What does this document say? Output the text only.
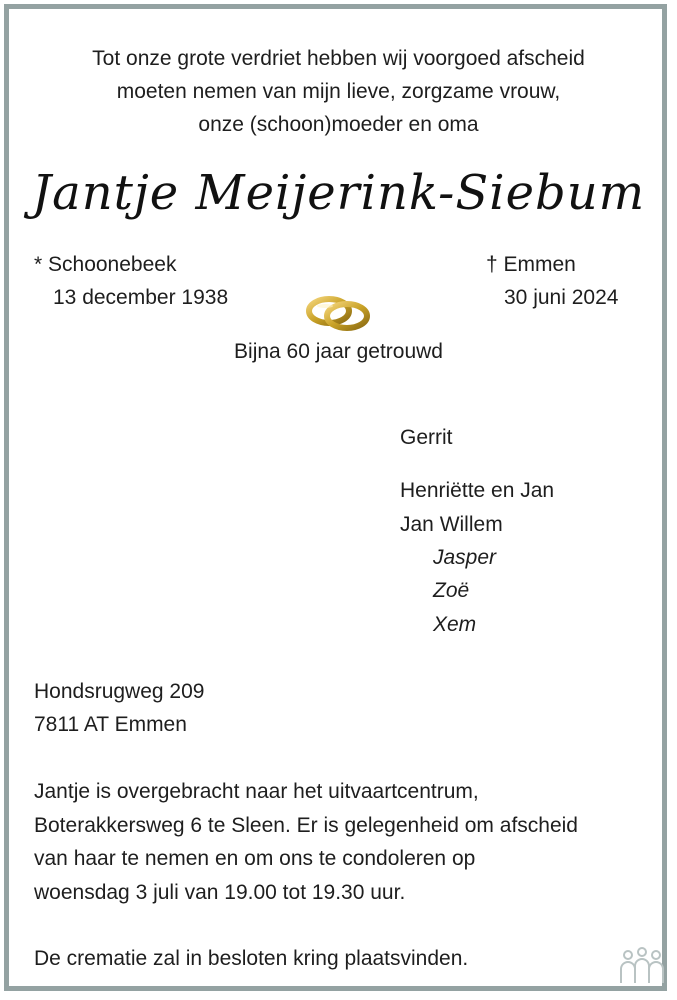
Tot onze grote verdriet hebben wij voorgoed afscheid
moeten nemen van mijn lieve, zorgzame vrouw,
onze (schoon)moeder en oma
Jantje Meijerink-Siebum
* Schoonebeek
13 december 1938
† Emmen
30 juni 2024
Bijna 60 jaar getrouwd
Gerrit
Henriëtte en Jan
Jan Willem
Jasper
Zoë
Xem
Hondsrugweg 209
7811 AT Emmen
Jantje is overgebracht naar het uitvaartcentrum,
Boterakkersweg 6 te Sleen. Er is gelegenheid om afscheid
van haar te nemen en om ons te condoleren op
woensdag 3 juli van 19.00 tot 19.30 uur.
De crematie zal in besloten kring plaatsvinden.
